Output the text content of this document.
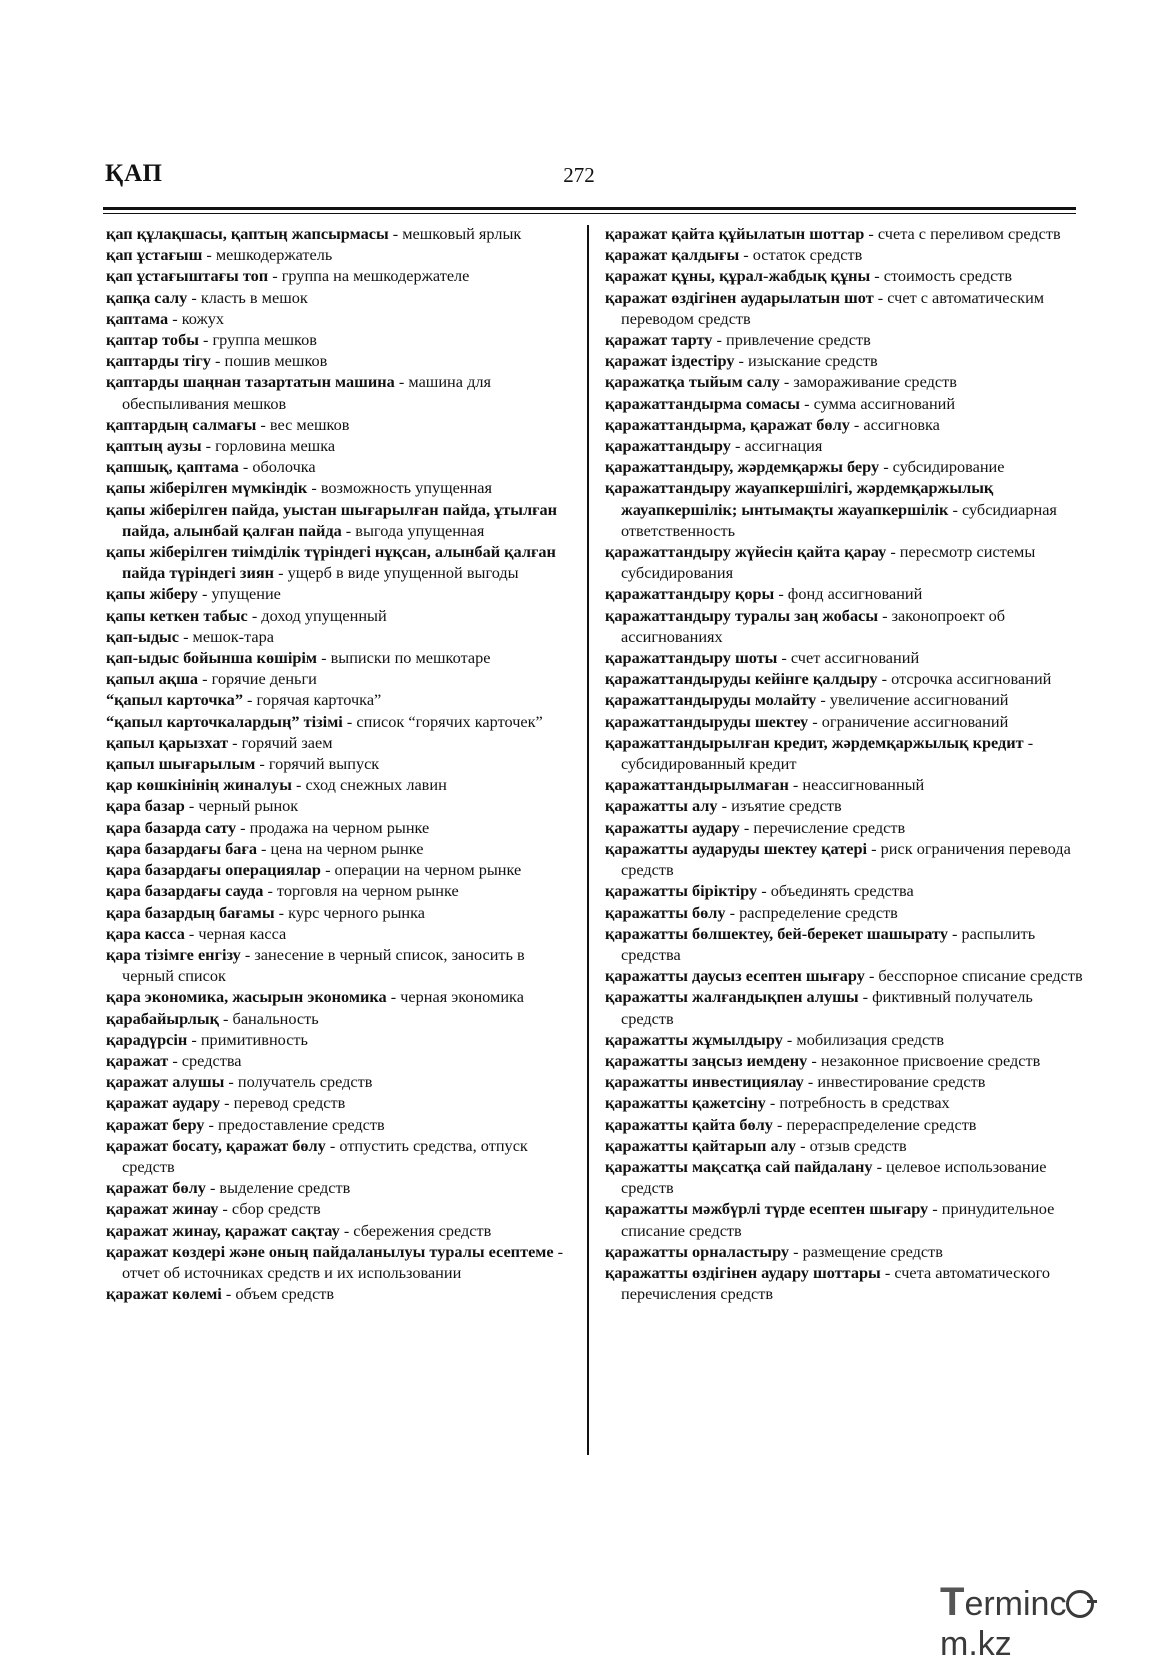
ҚАП	272

қап құлақшасы, қаптың жапсырмасы - мешковый ярлык

қап ұстағыш - мешкодержатель

қап ұстағыштағы топ - группа на мешкодержателе

қапқа салу - класть в мешок

қаптама - кожух

қаптар тобы - группа мешков

қаптарды тігу - пошив мешков

қаптарды шаңнан тазартатын машина - машина для обеспыливания мешков

қаптардың салмағы - вес мешков

қаптың аузы - горловина мешка

қапшық, қаптама - оболочка

қапы жіберілген мүмкіндік - возможность упущенная

қапы жіберілген пайда, уыстан шығарылған пайда, ұтылған пайда, алынбай қалған пайда - выгода упущенная

қапы жіберілген тиімділік түріндегі нұқсан, алынбай қалған пайда түріндегі зиян - ущерб в виде упущенной выгоды

қапы жіберу - упущение

қапы кеткен табыс - доход упущенный

қап-ыдыс - мешок-тара

қап-ыдыс бойынша көшірім - выписки по мешкотаре

қапыл ақша - горячие деньги

“қапыл карточка” - горячая карточка”

“қапыл карточкалардың” тізімі - список “горячих карточек”

қапыл қарызхат - горячий заем

қапыл шығарылым - горячий выпуск

қар көшкінінің жиналуы - сход снежных лавин

қара базар - черный рынок

қара базарда сату - продажа на черном рынке

қара базардағы баға - цена на черном рынке

қара базардағы операциялар - операции на черном рынке

қара базардағы сауда - торговля на черном рынке

қара базардың бағамы - курс черного рынка

қара касса - черная касса

қара тізімге енгізу - занесение в черный список, заносить в черный список

қара экономика, жасырын экономика - черная экономика

қарабайырлық - банальность

қарадүрсін - примитивность

қаражат - средства

қаражат алушы - получатель средств

қаражат аудару - перевод средств

қаражат беру - предоставление средств

қаражат босату, қаражат бөлу - отпустить средства, отпуск средств

қаражат бөлу - выделение средств

қаражат жинау - сбор средств

қаражат жинау, қаражат сақтау - сбережения средств

қаражат көздері және оның пайдаланылуы туралы есептеме - отчет об источниках средств и их использовании

қаражат көлемі - объем средств

қаражат қайта құйылатын шоттар - счета с переливом средств

қаражат қалдығы - остаток средств

қаражат құны, құрал-жабдық құны - стоимость средств

қаражат өздігінен аударылатын шот - счет с автоматическим переводом средств

қаражат тарту - привлечение средств

қаражат іздестіру - изыскание средств

қаражатқа тыйым салу - замораживание средств

қаражаттандырма сомасы - сумма ассигнований

қаражаттандырма, қаражат бөлу - ассигновка

қаражаттандыру - ассигнация

қаражаттандыру, жәрдемқаржы беру - субсидирование

қаражаттандыру жауапкершілігі, жәрдемқаржылық жауапкершілік; ынтымақты жауапкершілік - субсидиарная ответственность

қаражаттандыру жүйесін қайта қарау - пересмотр системы субсидирования

қаражаттандыру қоры - фонд ассигнований

қаражаттандыру туралы заң жобасы - законопроект об ассигнованиях

қаражаттандыру шоты - счет ассигнований

қаражаттандыруды кейінге қалдыру - отсрочка ассигнований

қаражаттандыруды молайту - увеличение ассигнований

қаражаттандыруды шектеу - ограничение ассигнований

қаражаттандырылған кредит, жәрдемқаржылық кредит - субсидированный кредит

қаражаттандырылмаған - неассигнованный

қаражатты алу - изъятие средств

қаражатты аудару - перечисление средств

қаражатты аударуды шектеу қатері - риск ограничения перевода средств

қаражатты біріктіру - объединять средства

қаражатты бөлу - распределение средств

қаражатты бөлшектеу, бей-берекет шашырату - распылить средства

қаражатты даусыз есептен шығару - бесспорное списание средств

қаражатты жалғандықпен алушы - фиктивный получатель средств

қаражатты жұмылдыру - мобилизация средств

қаражатты заңсыз иемдену - незаконное присвоение средств

қаражатты инвестициялау - инвестирование средств

қаражатты қажетсіну - потребность в средствах

қаражатты қайта бөлу - перераспределение средств

қаражатты қайтарып алу - отзыв средств

қаражатты мақсатқа сай пайдалану - целевое использование средств

қаражатты мәжбүрлі түрде есептен шығару - принудительное списание средств

қаражатты орналастыру - размещение средств

қаражатты өздігінен аудару шоттары - счета автоматического перечисления средств

Termincm.kz
